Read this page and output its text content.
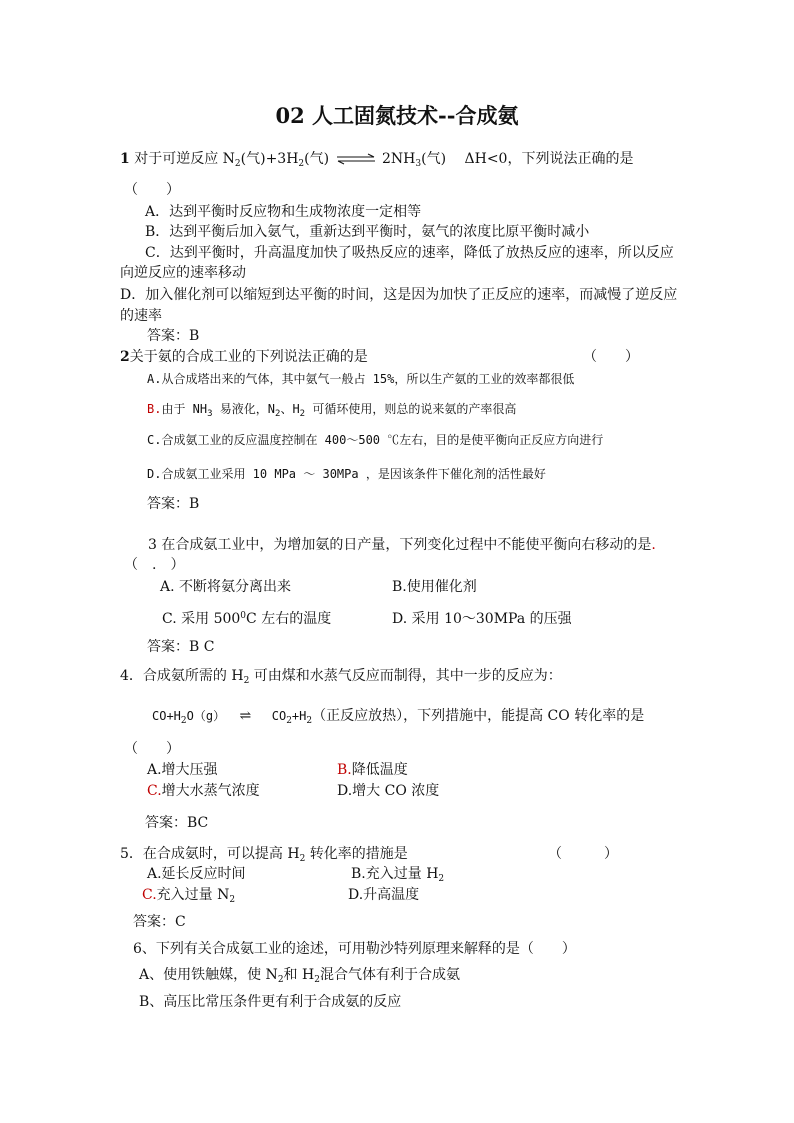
02 人工固氮技术--合成氨
1 对于可逆反应 $N_2$(气)$+3H_2$(气) ⇌ $2NH_3$(气) ΔH<0，下列说法正确的是
（　　）
A．达到平衡时反应物和生成物浓度一定相等
B．达到平衡后加入氨气，重新达到平衡时，氨气的浓度比原平衡时减小
C．达到平衡时，升高温度加快了吸热反应的速率，降低了放热反应的速率，所以反应
向逆反应的速率移动
D．加入催化剂可以缩短到达平衡的时间，这是因为加快了正反应的速率，而减慢了逆反应
的速率
答案：B
2关于氨的合成工业的下列说法正确的是	（　　）
A.从合成塔出来的气体，其中氨气一般占 15%，所以生产氨的工业的效率都很低
B.由于 $NH_3$ 易液化，$N_2$、$H_2$ 可循环使用，则总的说来氨的产率很高
C.合成氨工业的反应温度控制在 400～500 ℃左右，目的是使平衡向正反应方向进行
D.合成氨工业采用 10 MPa ～ 30MPa ，是因该条件下催化剂的活性最好
答案：B
3 在合成氨工业中，为增加氨的日产量，下列变化过程中不能使平衡向右移动的是.
（　.　）
A. 不断将氨分离出来	B.使用催化剂
C. 采用 $500^0C$ 左右的温度	D. 采用 10～30MPa 的压强
答案：B C
4．合成氨所需的 $H_2$ 可由煤和水蒸气反应而制得，其中一步的反应为：
$CO+H_2O(g)$ ⇌ $CO_2+H_2$（正反应放热），下列措施中，能提高 CO 转化率的是
（　　）
A.增大压强	B.降低温度
C.增大水蒸气浓度	D.增大 CO 浓度
答案：BC
5．在合成氨时，可以提高 $H_2$ 转化率的措施是	（　　　）
A.延长反应时间	B.充入过量 $H_2$
C.充入过量 $N_2$	D.升高温度
答案：C
6、下列有关合成氨工业的途述，可用勒沙特列原理来解释的是（　　）
A、使用铁触媒，使 $N_2$和 $H_2$混合气体有利于合成氨
B、高压比常压条件更有利于合成氨的反应
